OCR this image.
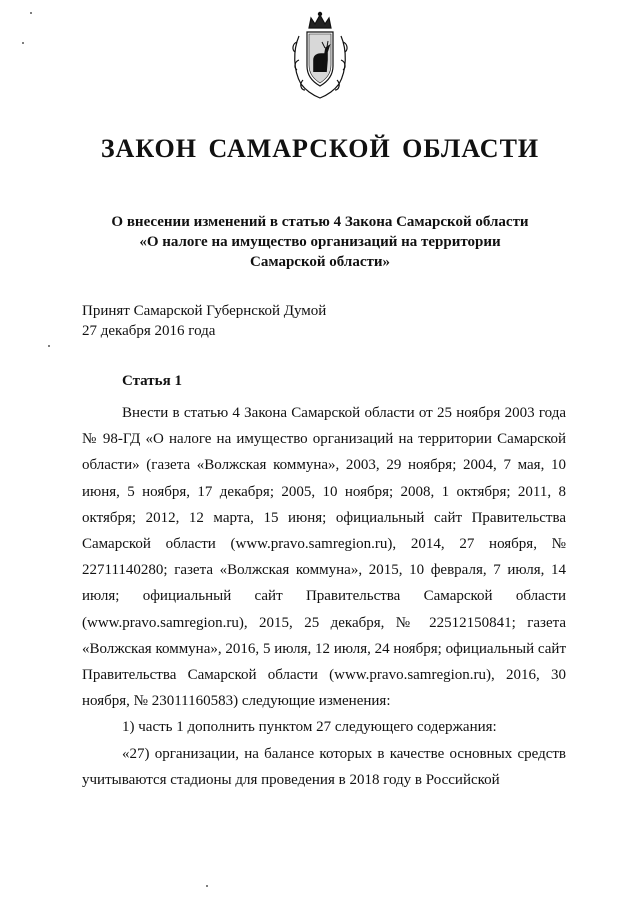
ЗАКОН САМАРСКОЙ ОБЛАСТИ
О внесении изменений в статью 4 Закона Самарской области
«О налоге на имущество организаций на территории
Самарской области»
Принят Самарской Губернской Думой
27 декабря 2016 года
Статья 1

Внести в статью 4 Закона Самарской области от 25 ноября 2003 года № 98-ГД «О налоге на имущество организаций на территории Самарской области» (газета «Волжская коммуна», 2003, 29 ноября; 2004, 7 мая, 10 июня, 5 ноября, 17 декабря; 2005, 10 ноября; 2008, 1 октября; 2011, 8 октября; 2012, 12 марта, 15 июня; официальный сайт Правительства Самарской области (www.pravo.samregion.ru), 2014, 27 ноября, № 22711140280; газета «Волжская коммуна», 2015, 10 февраля, 7 июля, 14 июля; официальный сайт Правительства Самарской области (www.pravo.samregion.ru), 2015, 25 декабря, № 22512150841; газета «Волжская коммуна», 2016, 5 июля, 12 июля, 24 ноября; официальный сайт Правительства Самарской области (www.pravo.samregion.ru), 2016, 30 ноября, № 23011160583) следующие изменения:

1) часть 1 дополнить пунктом 27 следующего содержания:

«27) организации, на балансе которых в качестве основных средств учитываются стадионы для проведения в 2018 году в Российской
